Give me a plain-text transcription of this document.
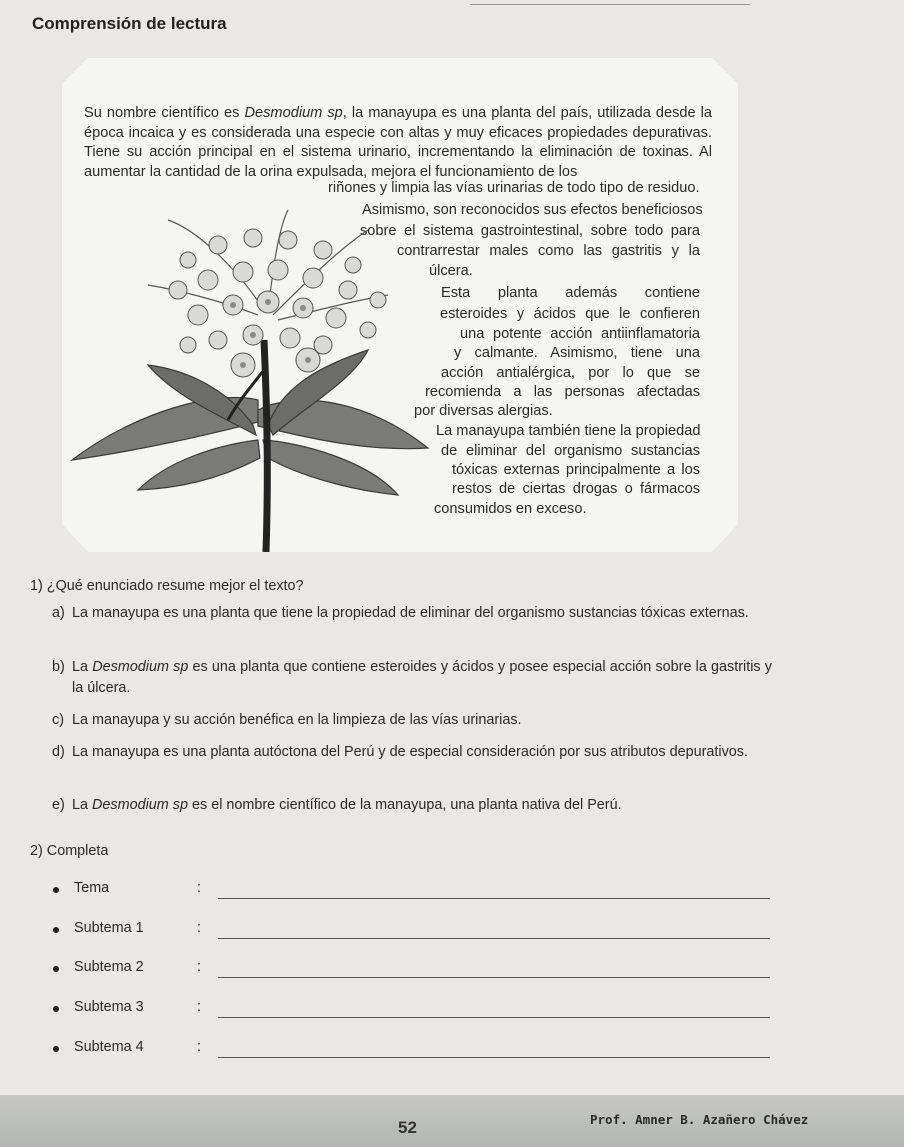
Comprensión de lectura
Su nombre científico es Desmodium sp, la manayupa es una planta del país, utilizada desde la época incaica y es considerada una especie con altas y muy eficaces propiedades depurativas. Tiene su acción principal en el sistema urinario, incrementando la eliminación de toxinas. Al aumentar la cantidad de la orina expulsada, mejora el funcionamiento de los
riñones y limpia las vías urinarias de todo tipo de residuo.
Asimismo, son reconocidos sus efectos beneficiosos
sobre el sistema gastrointestinal, sobre todo para
contrarrestar males como las gastritis y la
úlcera.
Esta planta además contiene
esteroides y ácidos que le confieren
una potente acción antiinflamatoria
y calmante. Asimismo, tiene una
acción antialérgica, por lo que se
recomienda a las personas afectadas
por diversas alergias.
La manayupa también tiene la propiedad
de eliminar del organismo sustancias
tóxicas externas principalmente a los
restos de ciertas drogas o fármacos
consumidos en exceso.
1) ¿Qué enunciado resume mejor el texto?
a) La manayupa es una planta que tiene la propiedad de eliminar del organismo sustancias tóxicas externas.
b) La Desmodium sp es una planta que contiene esteroides y ácidos y posee especial acción sobre la gastritis y la úlcera.
c) La manayupa y su acción benéfica en la limpieza de las vías urinarias.
d) La manayupa es una planta autóctona del Perú y de especial consideración por sus atributos depurativos.
e) La Desmodium sp es el nombre científico de la manayupa, una planta nativa del Perú.
2) Completa
Tema	:
Subtema 1	:
Subtema 2	:
Subtema 3	:
Subtema 4	:
52	Prof. Amner B. Azañero Chávez
